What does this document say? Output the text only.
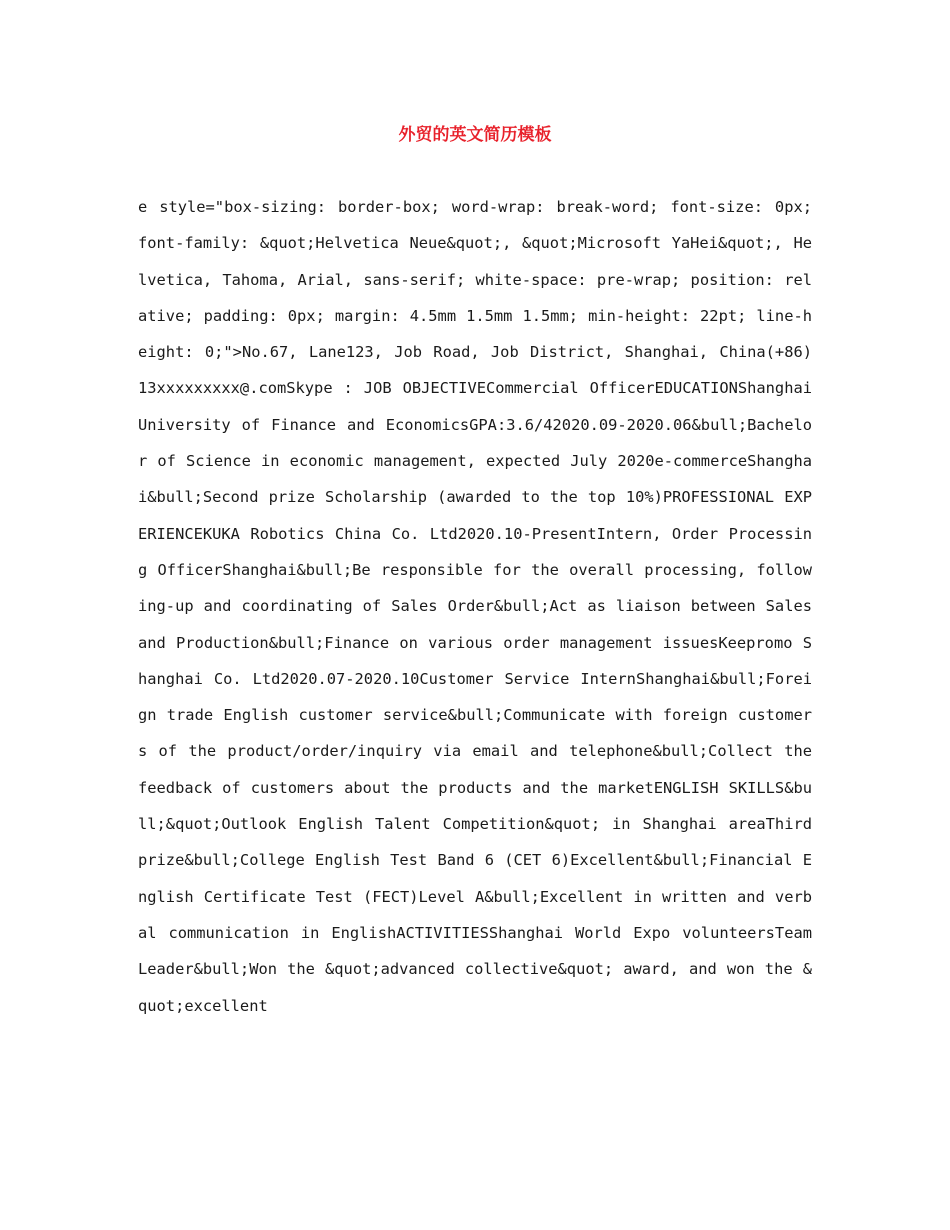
外贸的英文简历模板

e style="box-sizing: border-box; word-wrap: break-word; font-size: 0px; font-family: &quot;Helvetica Neue&quot;, &quot;Microsoft YaHei&quot;, Helvetica, Tahoma, Arial, sans-serif; white-space: pre-wrap; position: relative; padding: 0px; margin: 4.5mm 1.5mm 1.5mm; min-height: 22pt; line-height: 0;">No.67, Lane123, Job Road, Job District, Shanghai, China(+86) 13xxxxxxxxx@.comSkype : JOB OBJECTIVECommercial OfficerEDUCATIONShanghai University of Finance and EconomicsGPA:3.6/42020.09-2020.06&bull;Bachelor of Science in economic management, expected July 2020e-commerceShanghai&bull;Second prize Scholarship (awarded to the top 10%)PROFESSIONAL EXPERIENCEKUKA Robotics China Co. Ltd2020.10-PresentIntern, Order Processing OfficerShanghai&bull;Be responsible for the overall processing, following-up and coordinating of Sales Order&bull;Act as liaison between Sales and Production&bull;Finance on various order management issuesKeepromo Shanghai Co. Ltd2020.07-2020.10Customer Service InternShanghai&bull;Foreign trade English customer service&bull;Communicate with foreign customers of the product/order/inquiry via email and telephone&bull;Collect the feedback of customers about the products and the marketENGLISH SKILLS&bull;&quot;Outlook English Talent Competition&quot; in Shanghai areaThird prize&bull;College English Test Band 6 (CET 6)Excellent&bull;Financial English Certificate Test (FECT)Level A&bull;Excellent in written and verbal communication in EnglishACTIVITIESShanghai World Expo volunteersTeam Leader&bull;Won the &quot;advanced collective&quot; award, and won the &quot;excellent
